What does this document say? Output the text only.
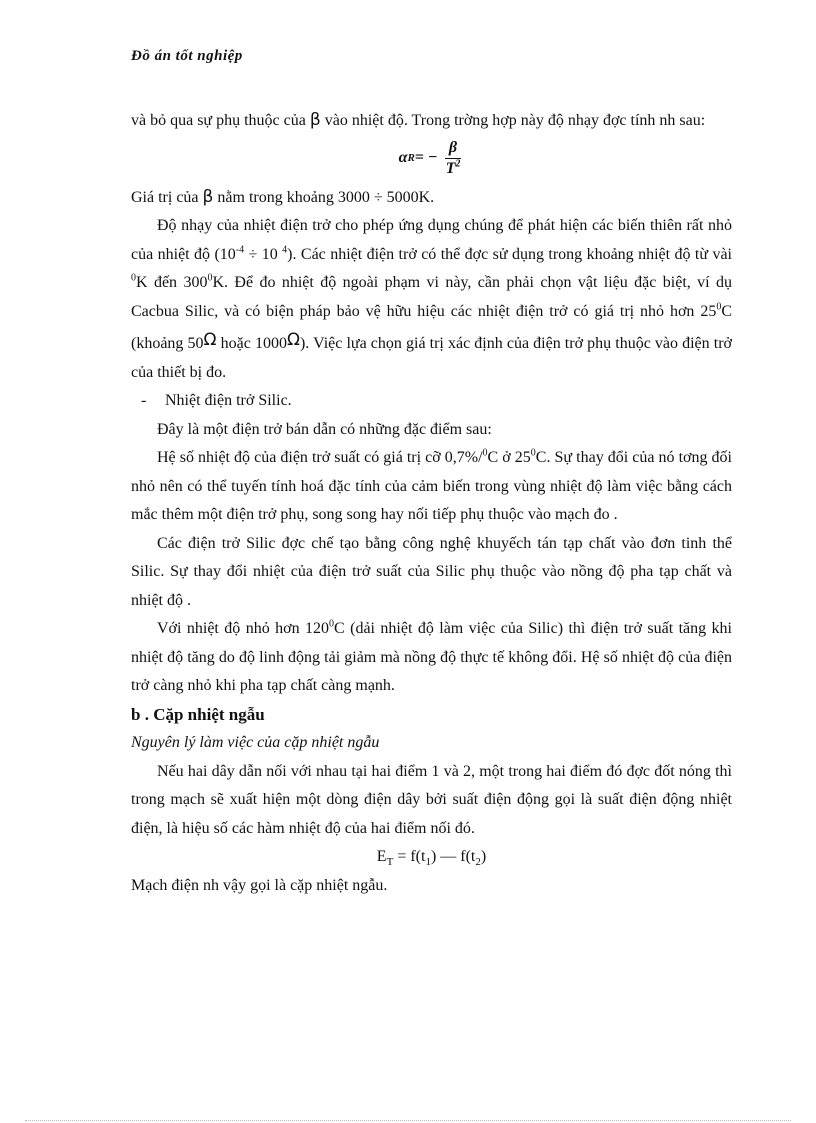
Đồ án tốt nghiệp

và bỏ qua sự phụ thuộc của β vào nhiệt độ. Trong trờng hợp này độ nhạy đợc tính nh sau:

α R = − $\frac{\beta}{T^2}$

Giá trị của β nằm trong khoảng 3000 ÷ 5000K.

Độ nhạy của nhiệt điện trở cho phép ứng dụng chúng để phát hiện các biến thiên rất nhỏ của nhiệt độ ($10^{-4} \div 10$ $^4$). Các nhiệt điện trở có thể đợc sử dụng trong khoảng nhiệt độ từ vài $^0$K đến $300^0K$. Để đo nhiệt độ ngoài phạm vi này, cần phải chọn vật liệu đặc biệt, ví dụ Cacbua Silic, và có biện pháp bảo vệ hữu hiệu các nhiệt điện trở có giá trị nhỏ hơn $25^0C$ (khoảng 50Ω hoặc 1000Ω). Việc lựa chọn giá trị xác định của điện trở phụ thuộc vào điện trở của thiết bị đo.

- Nhiệt điện trở Silic.

Đây là một điện trở bán dẫn có những đặc điểm sau:

Hệ số nhiệt độ của điện trở suất có giá trị cỡ 0,7%/$^0$C ở $25^0C$. Sự thay đổi của nó tơng đối nhỏ nên có thể tuyến tính hoá đặc tính của cảm biến trong vùng nhiệt độ làm việc bằng cách mắc thêm một điện trở phụ, song song hay nối tiếp phụ thuộc vào mạch đo .

Các điện trở Silic đợc chế tạo bằng công nghệ khuyếch tán tạp chất vào đơn tinh thể Silic. Sự thay đổi nhiệt của điện trở suất của Silic phụ thuộc vào nồng độ pha tạp chất và nhiệt độ .

Với nhiệt độ nhỏ hơn $120^0C$ (dải nhiệt độ làm việc của Silic) thì điện trở suất tăng khi nhiệt độ tăng do độ linh động tải giảm mà nồng độ thực tế không đổi. Hệ số nhiệt độ của điện trở càng nhỏ khi pha tạp chất càng mạnh.

b . Cặp nhiệt ngẫu

Nguyên lý làm việc của cặp nhiệt ngẫu

Nếu hai dây dẫn nối với nhau tại hai điểm 1 và 2, một trong hai điểm đó đợc đốt nóng thì trong mạch sẽ xuất hiện một dòng điện dây bởi suất điện động gọi là suất điện động nhiệt điện, là hiệu số các hàm nhiệt độ của hai điểm nối đó.

$E_T = f(t_1)$ — $f(t_2)$

Mạch điện nh vậy gọi là cặp nhiệt ngẫu.
